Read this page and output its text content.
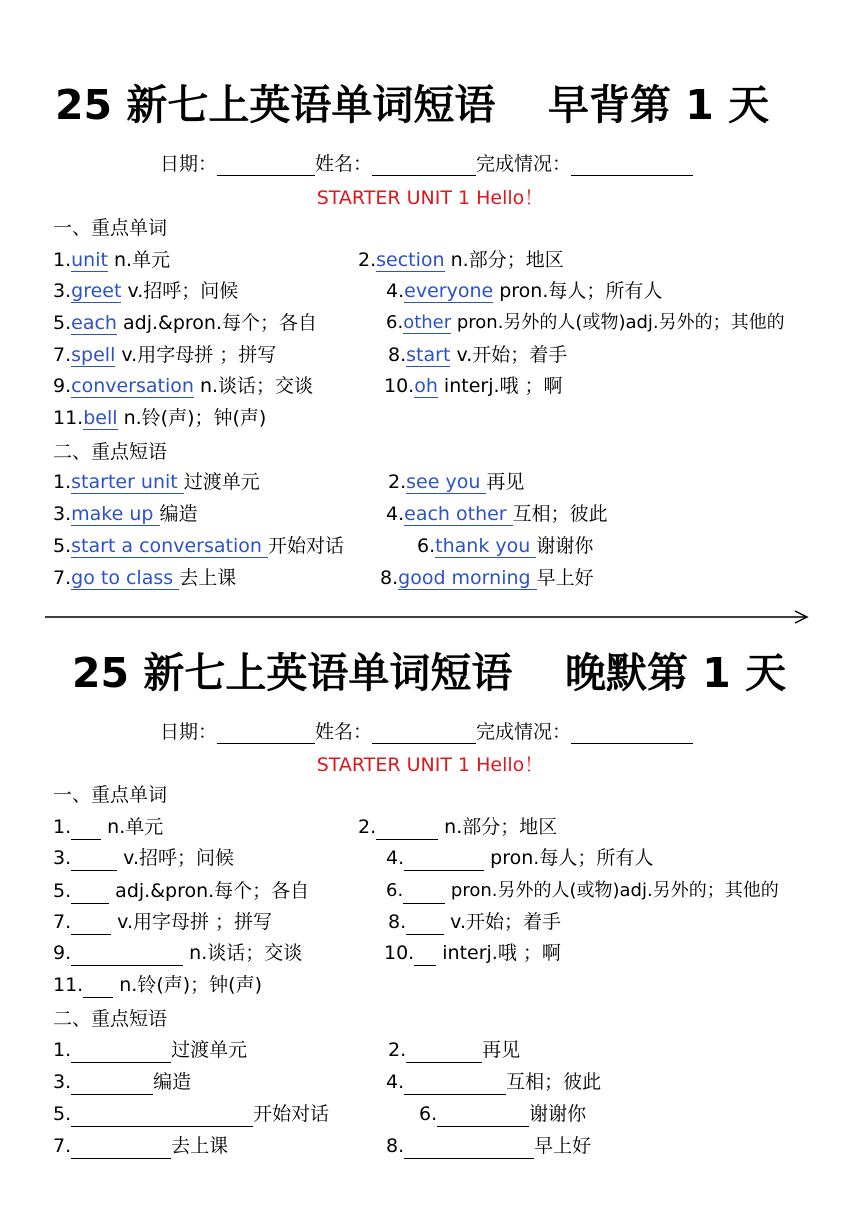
25 新七上英语单词短语 早背第 1 天
日期：	姓名：	完成情况：
STARTER UNIT 1 Hello！
一、重点单词
1.unit n.单元	2.section n.部分；地区
3.greet v.招呼；问候	4.everyone pron.每人；所有人
5.each adj.&pron.每个；各自	6.other pron.另外的人(或物)adj.另外的；其他的
7.spell v.用字母拼 ；拼写	8.start v.开始；着手
9.conversation n.谈话；交谈	10.oh interj.哦 ；啊
11.bell n.铃(声)；钟(声)
二、重点短语
1.starter unit 过渡单元	2.see you 再见
3.make up 编造	4.each other 互相；彼此
5.start a conversation 开始对话	6.thank you 谢谢你
7.go to class 去上课	8.good morning 早上好
25 新七上英语单词短语 晚默第 1 天
日期：	姓名：	完成情况：
STARTER UNIT 1 Hello！
一、重点单词
1. n.单元	2.	n.部分；地区
3. v.招呼；问候	4.	pron.每人；所有人
5. adj.&pron.每个；各自	6. pron.另外的人(或物)adj.另外的；其他的
7. v.用字母拼 ；拼写	8. v.开始；着手
9.	n.谈话；交谈	10. interj.哦 ；啊
11. n.铃(声)；钟(声)
二、重点短语
1.	过渡单元	2.	再见
3.	编造	4.	互相；彼此
5.	开始对话	6.	谢谢你
7.	去上课	8.	早上好
